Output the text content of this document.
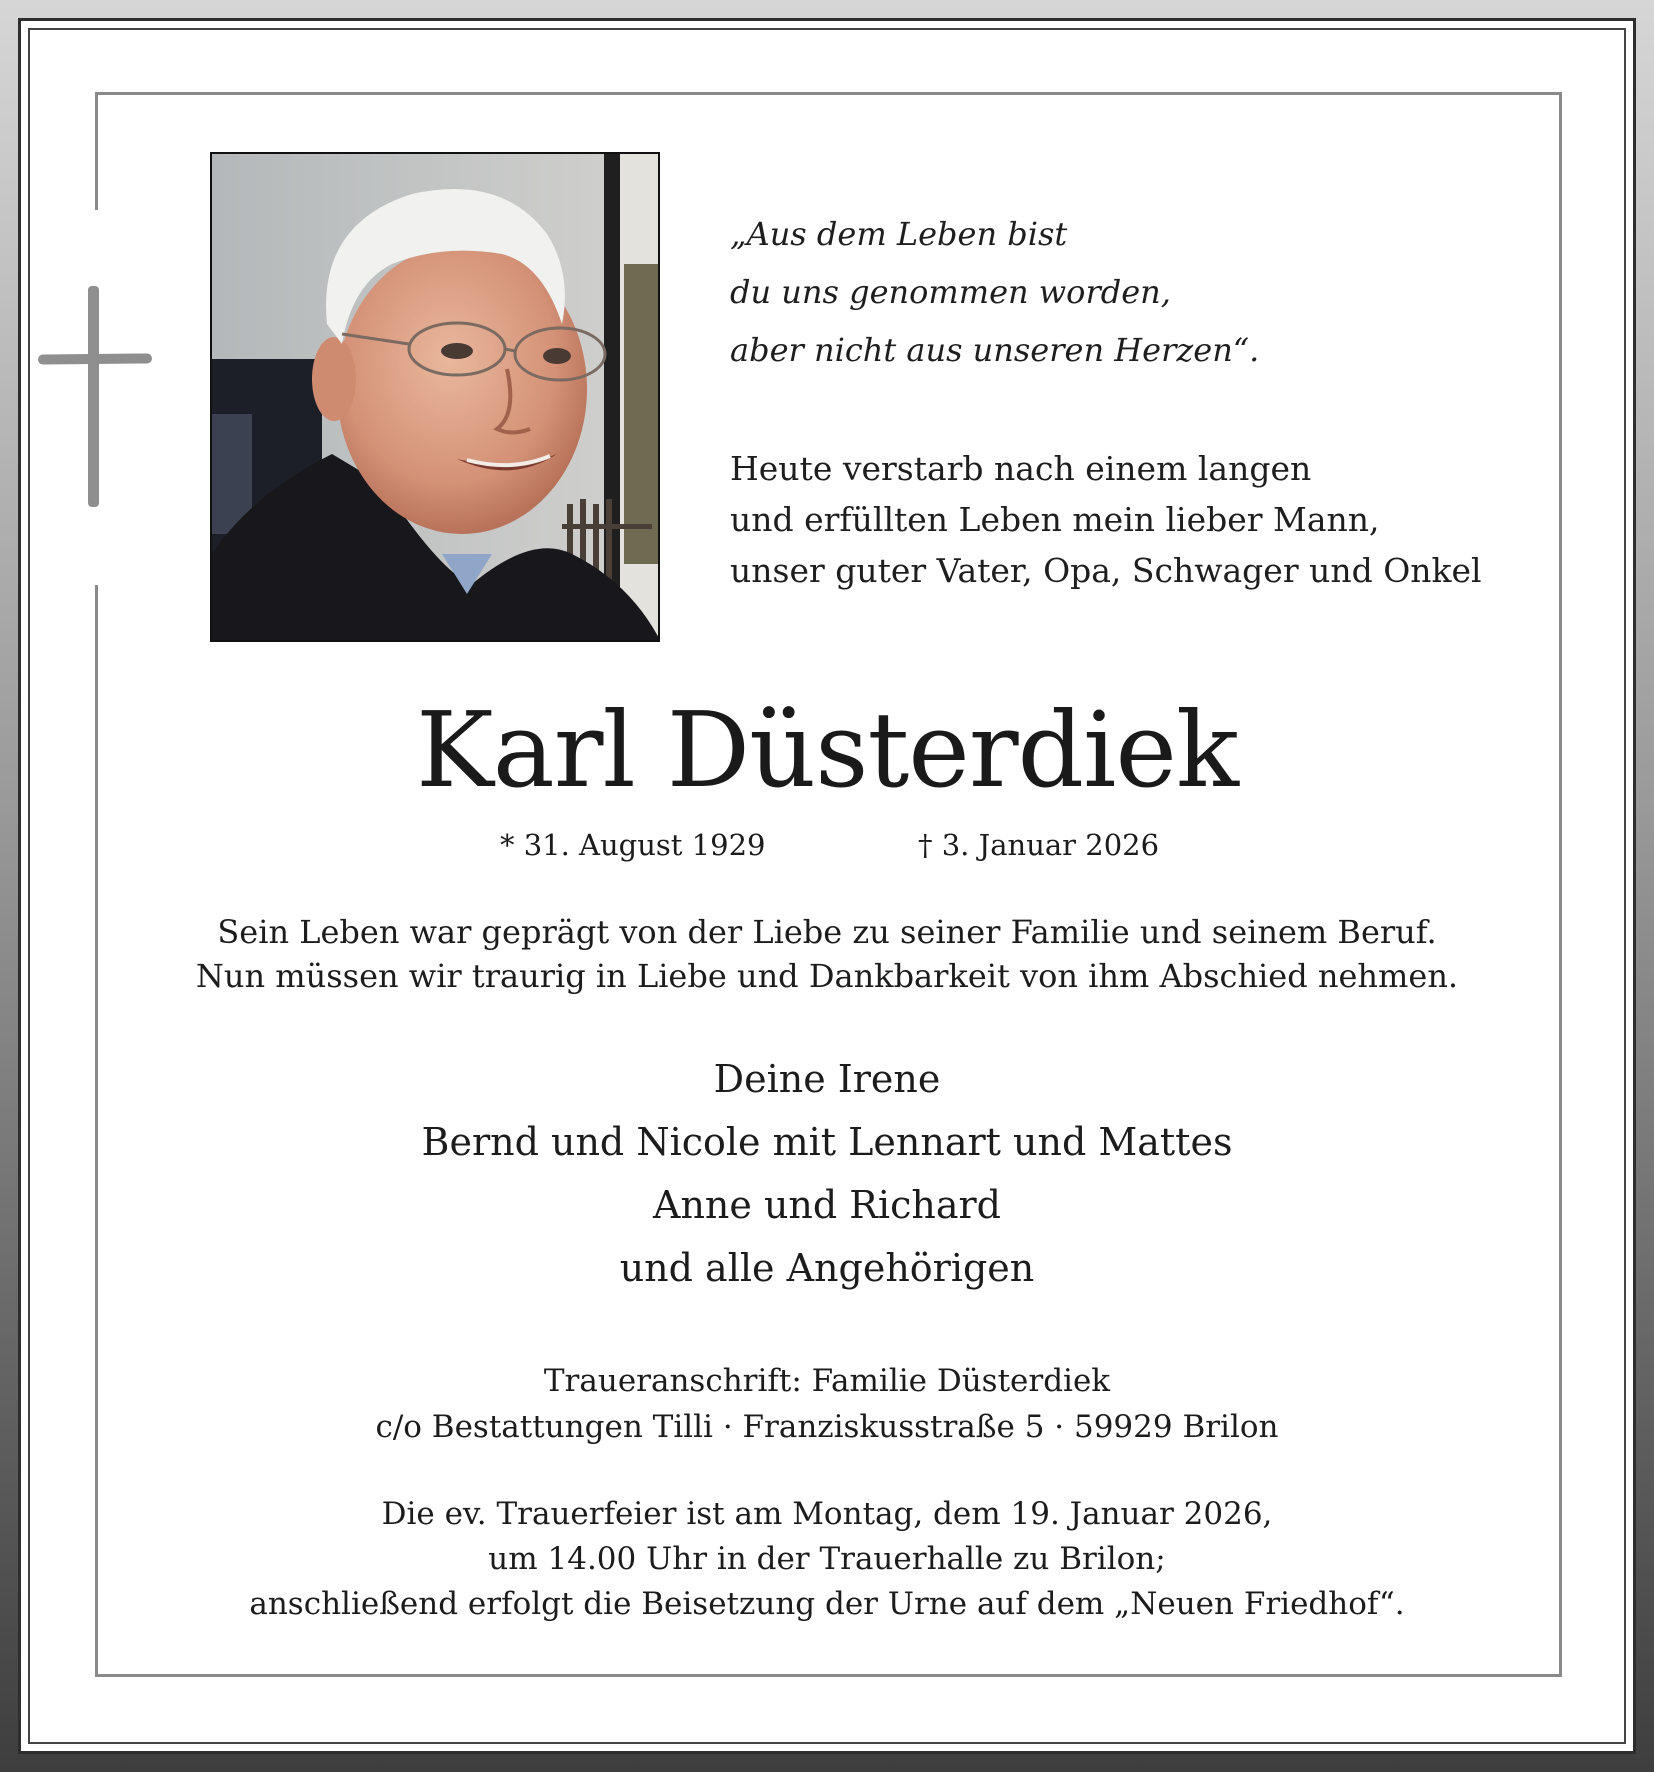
„Aus dem Leben bist
du uns genommen worden,
aber nicht aus unseren Herzen“.
Heute verstarb nach einem langen
und erfüllten Leben mein lieber Mann,
unser guter Vater, Opa, Schwager und Onkel
Karl Düsterdiek
* 31. August 1929	† 3. Januar 2026
Sein Leben war geprägt von der Liebe zu seiner Familie und seinem Beruf.
Nun müssen wir traurig in Liebe und Dankbarkeit von ihm Abschied nehmen.
Deine Irene
Bernd und Nicole mit Lennart und Mattes
Anne und Richard
und alle Angehörigen
Traueranschrift: Familie Düsterdiek
c/o Bestattungen Tilli · Franziskusstraße 5 · 59929 Brilon
Die ev. Trauerfeier ist am Montag, dem 19. Januar 2026,
um 14.00 Uhr in der Trauerhalle zu Brilon;
anschließend erfolgt die Beisetzung der Urne auf dem „Neuen Friedhof“.
